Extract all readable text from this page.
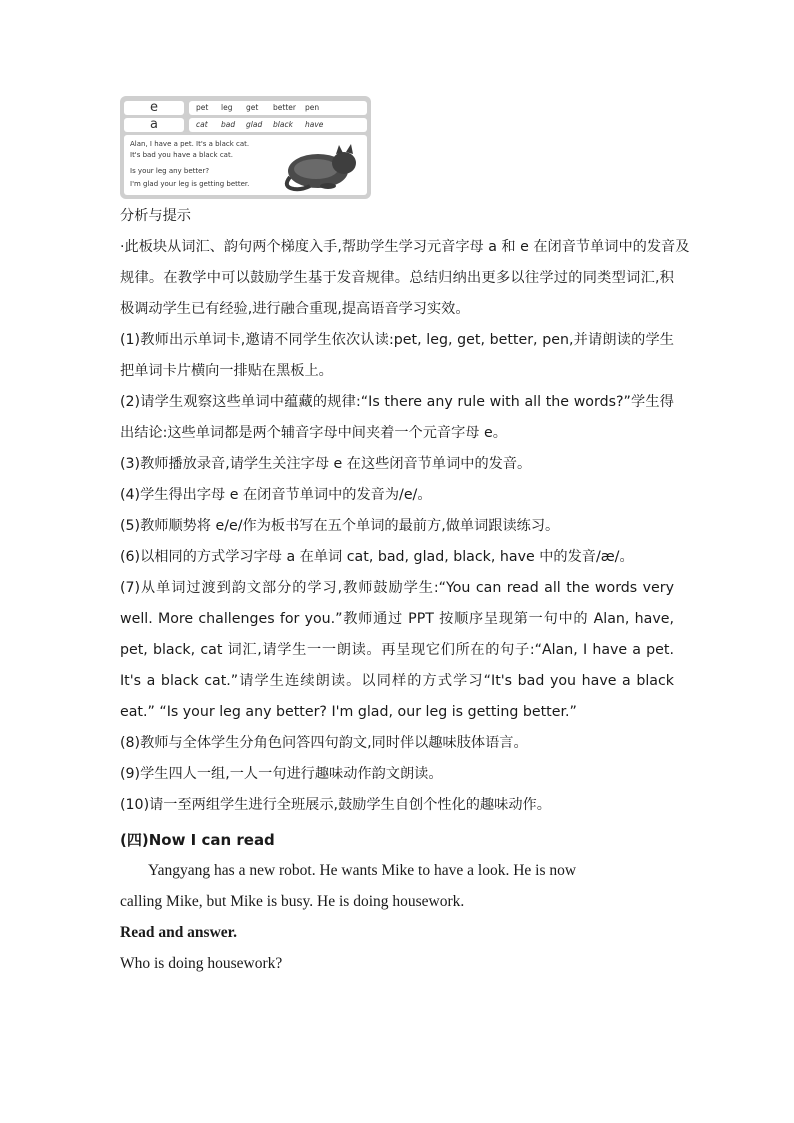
e
a
pet leg get better pen
cat bad glad black have
Alan, I have a pet. It's a black cat.
It's bad you have a black cat.
Is your leg any better?
I'm glad your leg is getting better.
分析与提示
·此板块从词汇、韵句两个梯度入手,帮助学生学习元音字母 a 和 e 在闭音节单词中的发音及
规律。在教学中可以鼓励学生基于发音规律。总结归纳出更多以往学过的同类型词汇,积
极调动学生已有经验,进行融合重现,提高语音学习实效。
(1)教师出示单词卡,邀请不同学生依次认读:pet, leg, get, better, pen,并请朗读的学生
把单词卡片横向一排贴在黑板上。
(2)请学生观察这些单词中蕴藏的规律:“Is there any rule with all the words?”学生得
出结论:这些单词都是两个辅音字母中间夹着一个元音字母 e。
(3)教师播放录音,请学生关注字母 e 在这些闭音节单词中的发音。
(4)学生得出字母 e 在闭音节单词中的发音为/e/。
(5)教师顺势将 e/e/作为板书写在五个单词的最前方,做单词跟读练习。
(6)以相同的方式学习字母 a 在单词 cat, bad, glad, black, have 中的发音/æ/。
(7)从单词过渡到韵文部分的学习,教师鼓励学生:“You can read all the words very
well. More challenges for you.”教师通过 PPT 按顺序呈现第一句中的 Alan, have,
pet, black, cat 词汇,请学生一一朗读。再呈现它们所在的句子:“Alan, I have a pet.
It's a black cat.”请学生连续朗读。以同样的方式学习“It's bad you have a black
eat.” “Is your leg any better? I'm glad, our leg is getting better.”
(8)教师与全体学生分角色问答四句韵文,同时伴以趣味肢体语言。
(9)学生四人一组,一人一句进行趣味动作韵文朗读。
(10)请一至两组学生进行全班展示,鼓励学生自创个性化的趣味动作。
(四)Now I can read
Yangyang has a new robot. He wants Mike to have a look. He is now
calling Mike, but Mike is busy. He is doing housework.
Read and answer.
Who is doing housework?
